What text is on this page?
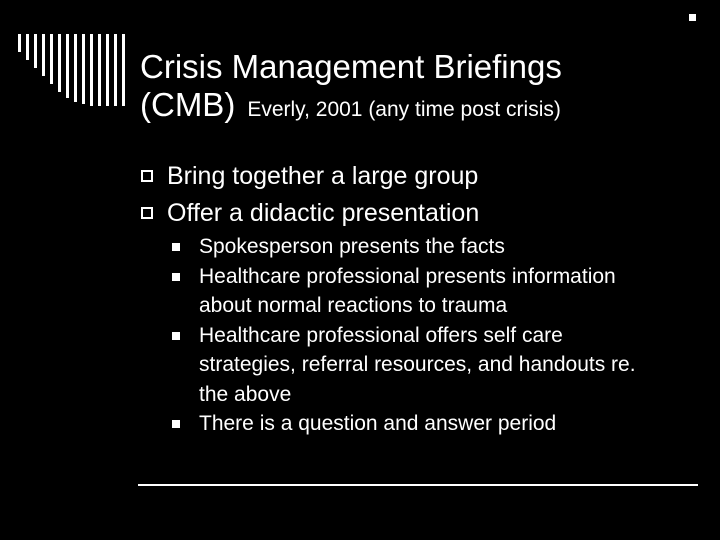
Crisis Management Briefings
(CMB) Everly, 2001 (any time post crisis)
Bring together a large group
Offer a didactic presentation
Spokesperson presents the facts
Healthcare professional presents information about normal reactions to trauma
Healthcare professional offers self care strategies, referral resources, and handouts re. the above
There is a question and answer period
